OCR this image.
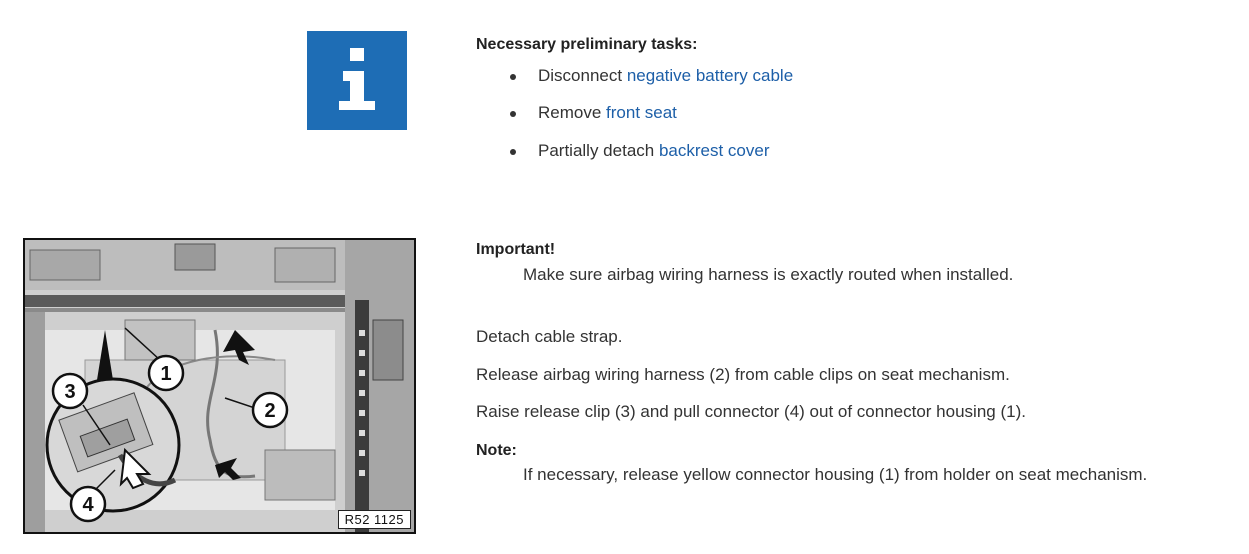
Necessary preliminary tasks:

Disconnect negative battery cable
Remove front seat
Partially detach backrest cover
1
2
3
4
R52 1125
Important!
Make sure airbag wiring harness is exactly routed when installed.
Detach cable strap.
Release airbag wiring harness (2) from cable clips on seat mechanism.
Raise release clip (3) and pull connector (4) out of connector housing (1).
Note:
If necessary, release yellow connector housing (1) from holder on seat mechanism.
